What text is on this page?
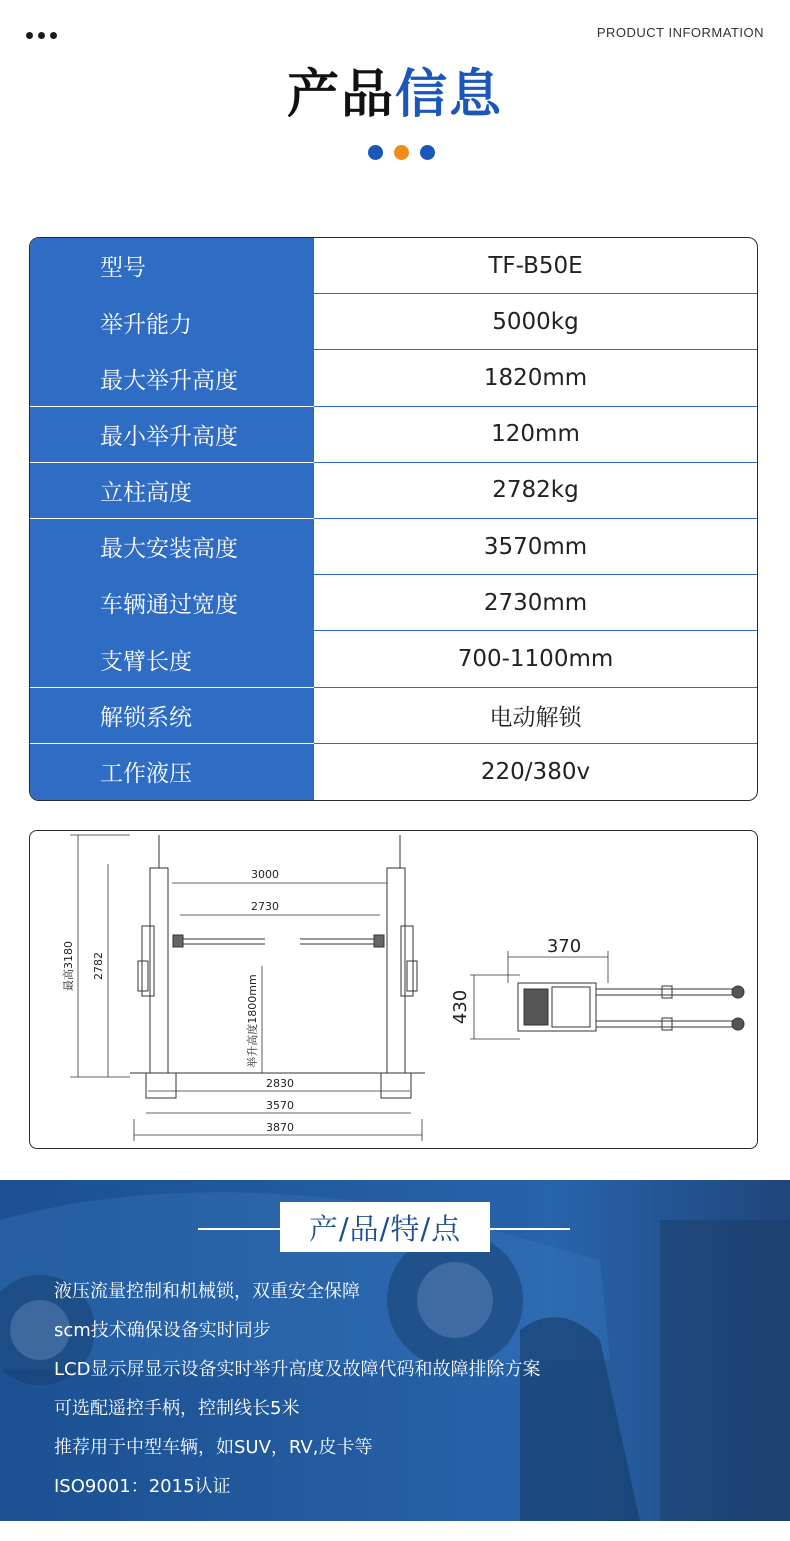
PRODUCT INFORMATION
产品信息
型号	TF-B50E
举升能力	5000kg
最大举升高度	1820mm
最小举升高度	120mm
立柱高度	2782kg
最大安装高度	3570mm
车辆通过宽度	2730mm
支臂长度	700-1100mm
解锁系统	电动解锁
工作液压	220/380v
3000
2730
2830
3570
3870
最高3180 2782
举升高度1800mm
370
430
产/品/特/点
液压流量控制和机械锁，双重安全保障
scm技术确保设备实时同步
LCD显示屏显示设备实时举升高度及故障代码和故障排除方案
可选配遥控手柄，控制线长5米
推荐用于中型车辆，如SUV，RV,皮卡等
ISO9001：2015认证
